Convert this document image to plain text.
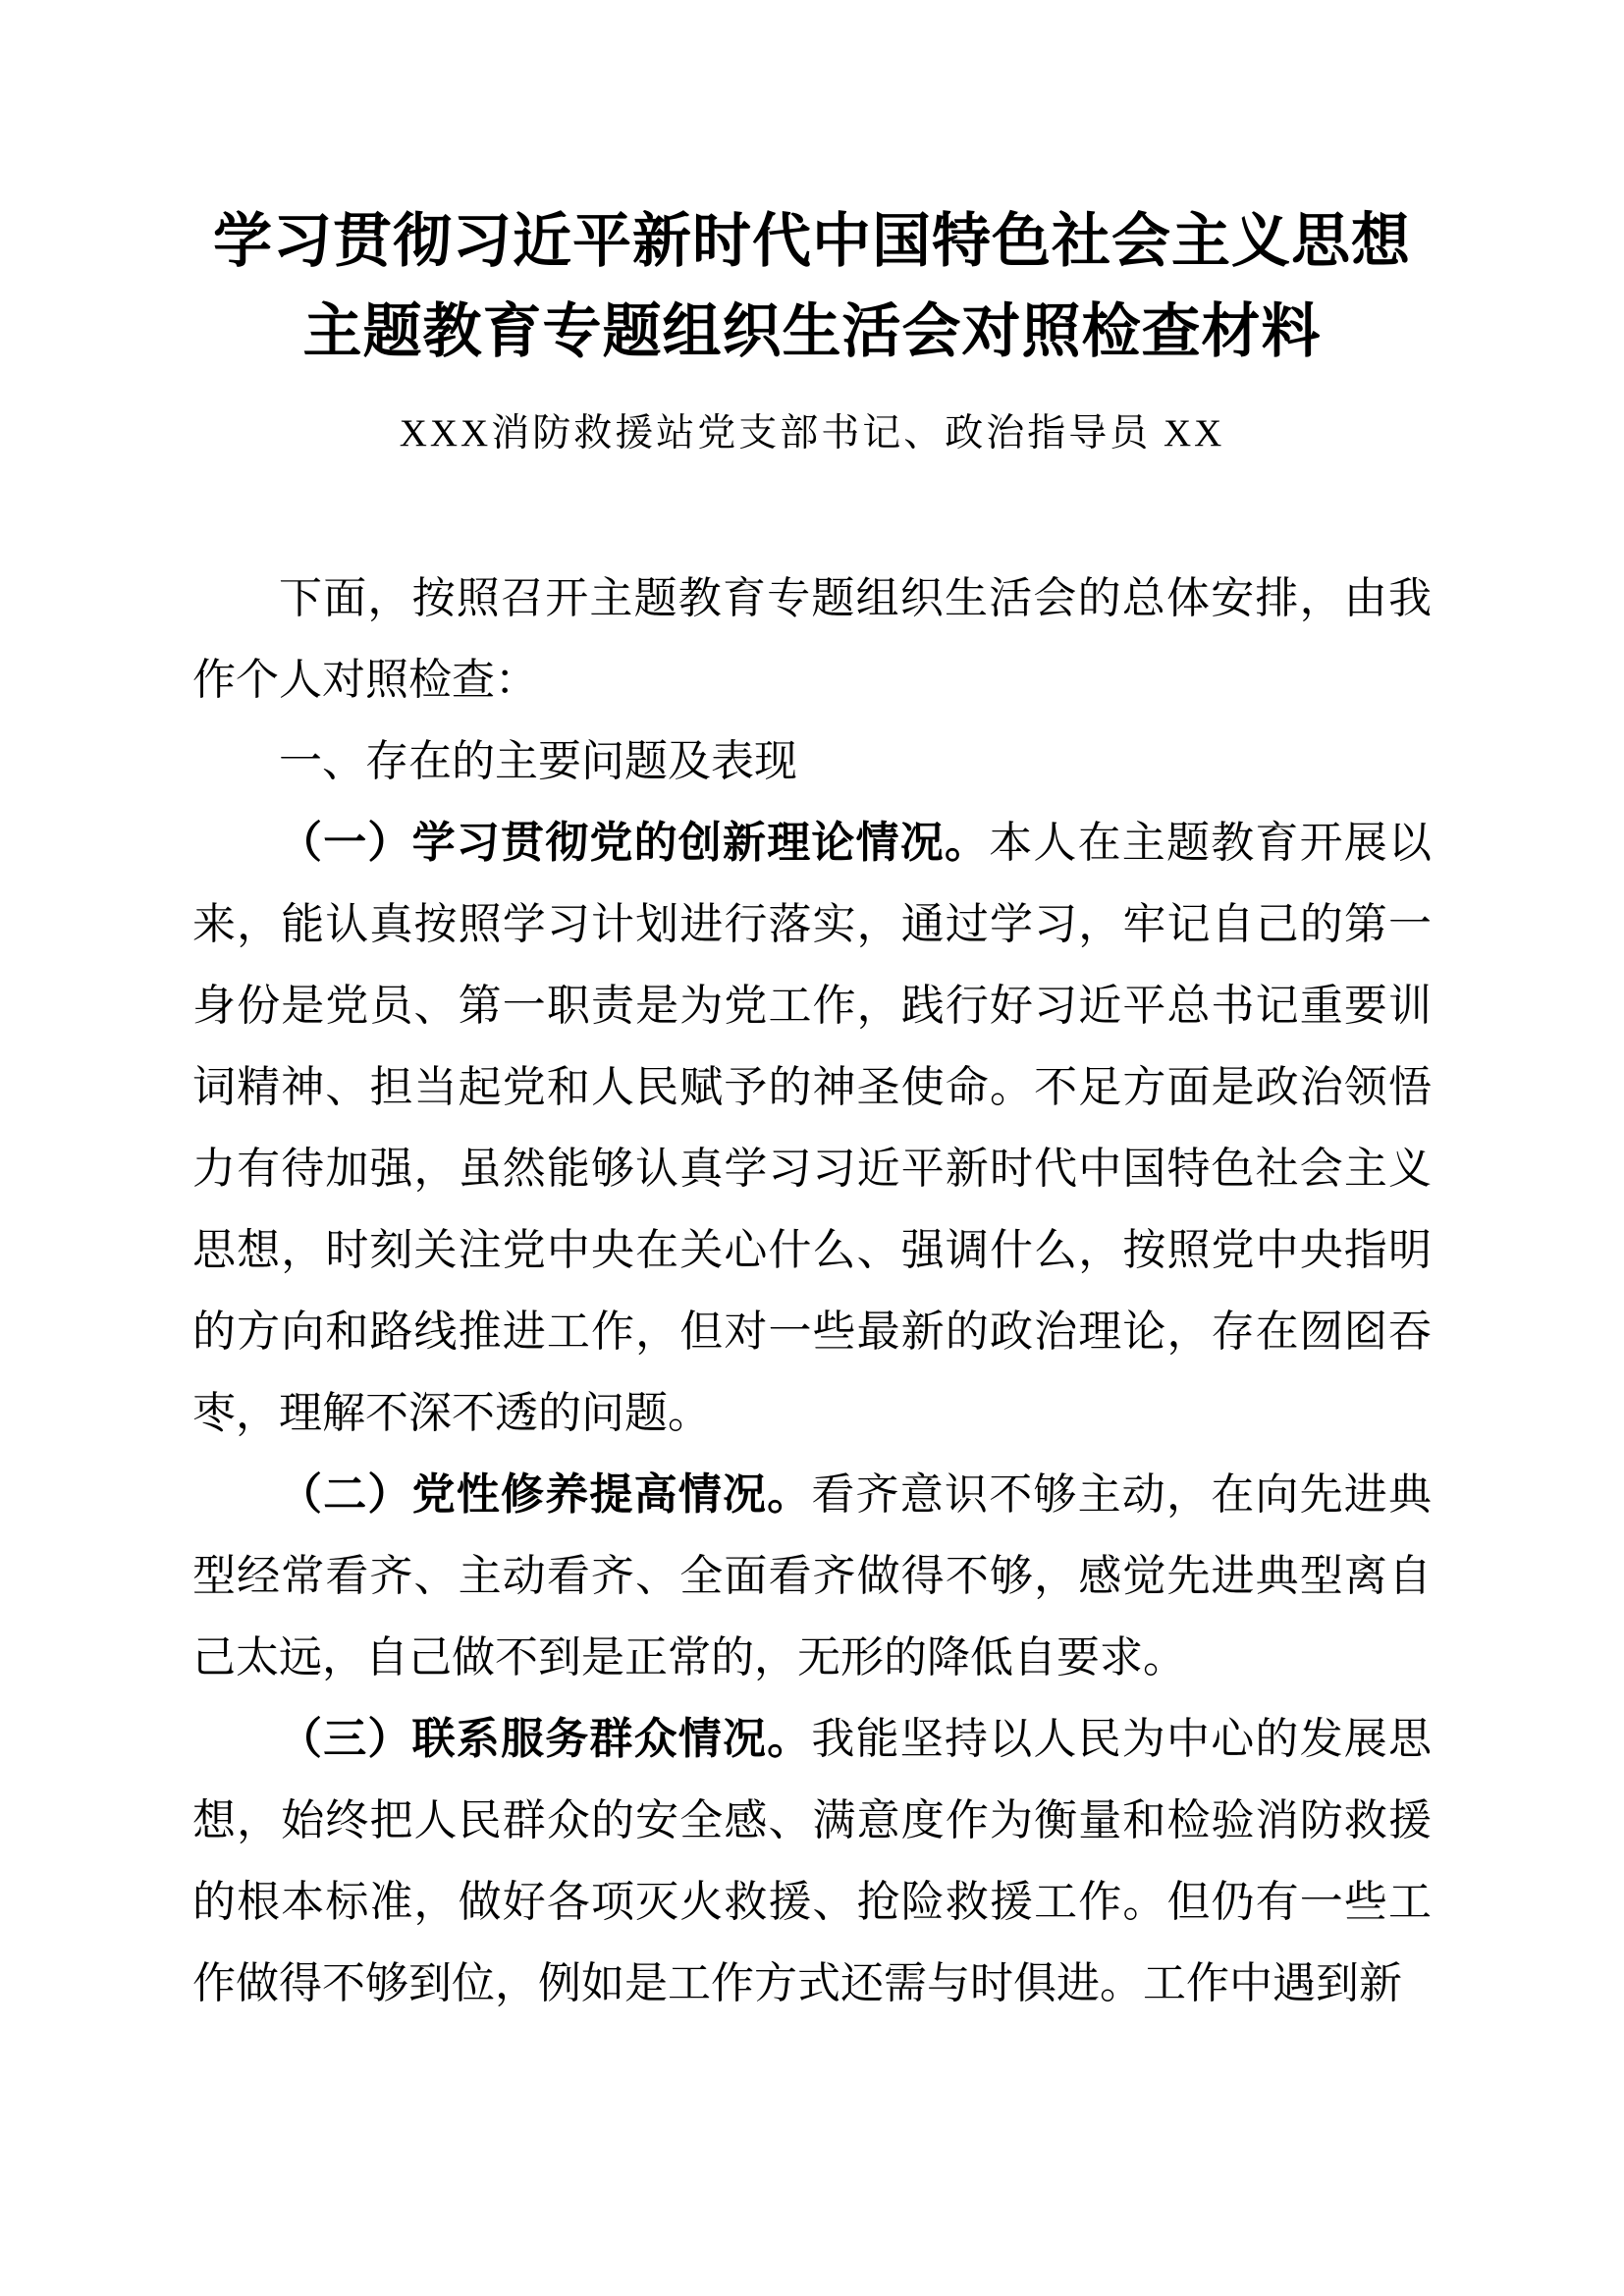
学习贯彻习近平新时代中国特色社会主义思想
主题教育专题组织生活会对照检查材料
XXX消防救援站党支部书记、政治指导员 XX

下面，按照召开主题教育专题组织生活会的总体安排，由我作个人对照检查：

一、存在的主要问题及表现

（一）学习贯彻党的创新理论情况。本人在主题教育开展以来，能认真按照学习计划进行落实，通过学习，牢记自己的第一身份是党员、第一职责是为党工作，践行好习近平总书记重要训词精神、担当起党和人民赋予的神圣使命。不足方面是政治领悟力有待加强，虽然能够认真学习习近平新时代中国特色社会主义思想，时刻关注党中央在关心什么、强调什么，按照党中央指明的方向和路线推进工作，但对一些最新的政治理论，存在囫囵吞枣，理解不深不透的问题。

（二）党性修养提高情况。看齐意识不够主动，在向先进典型经常看齐、主动看齐、全面看齐做得不够，感觉先进典型离自己太远，自己做不到是正常的，无形的降低自要求。

（三）联系服务群众情况。我能坚持以人民为中心的发展思想，始终把人民群众的安全感、满意度作为衡量和检验消防救援的根本标准，做好各项灭火救援、抢险救援工作。但仍有一些工作做得不够到位，例如是工作方式还需与时俱进。工作中遇到新
